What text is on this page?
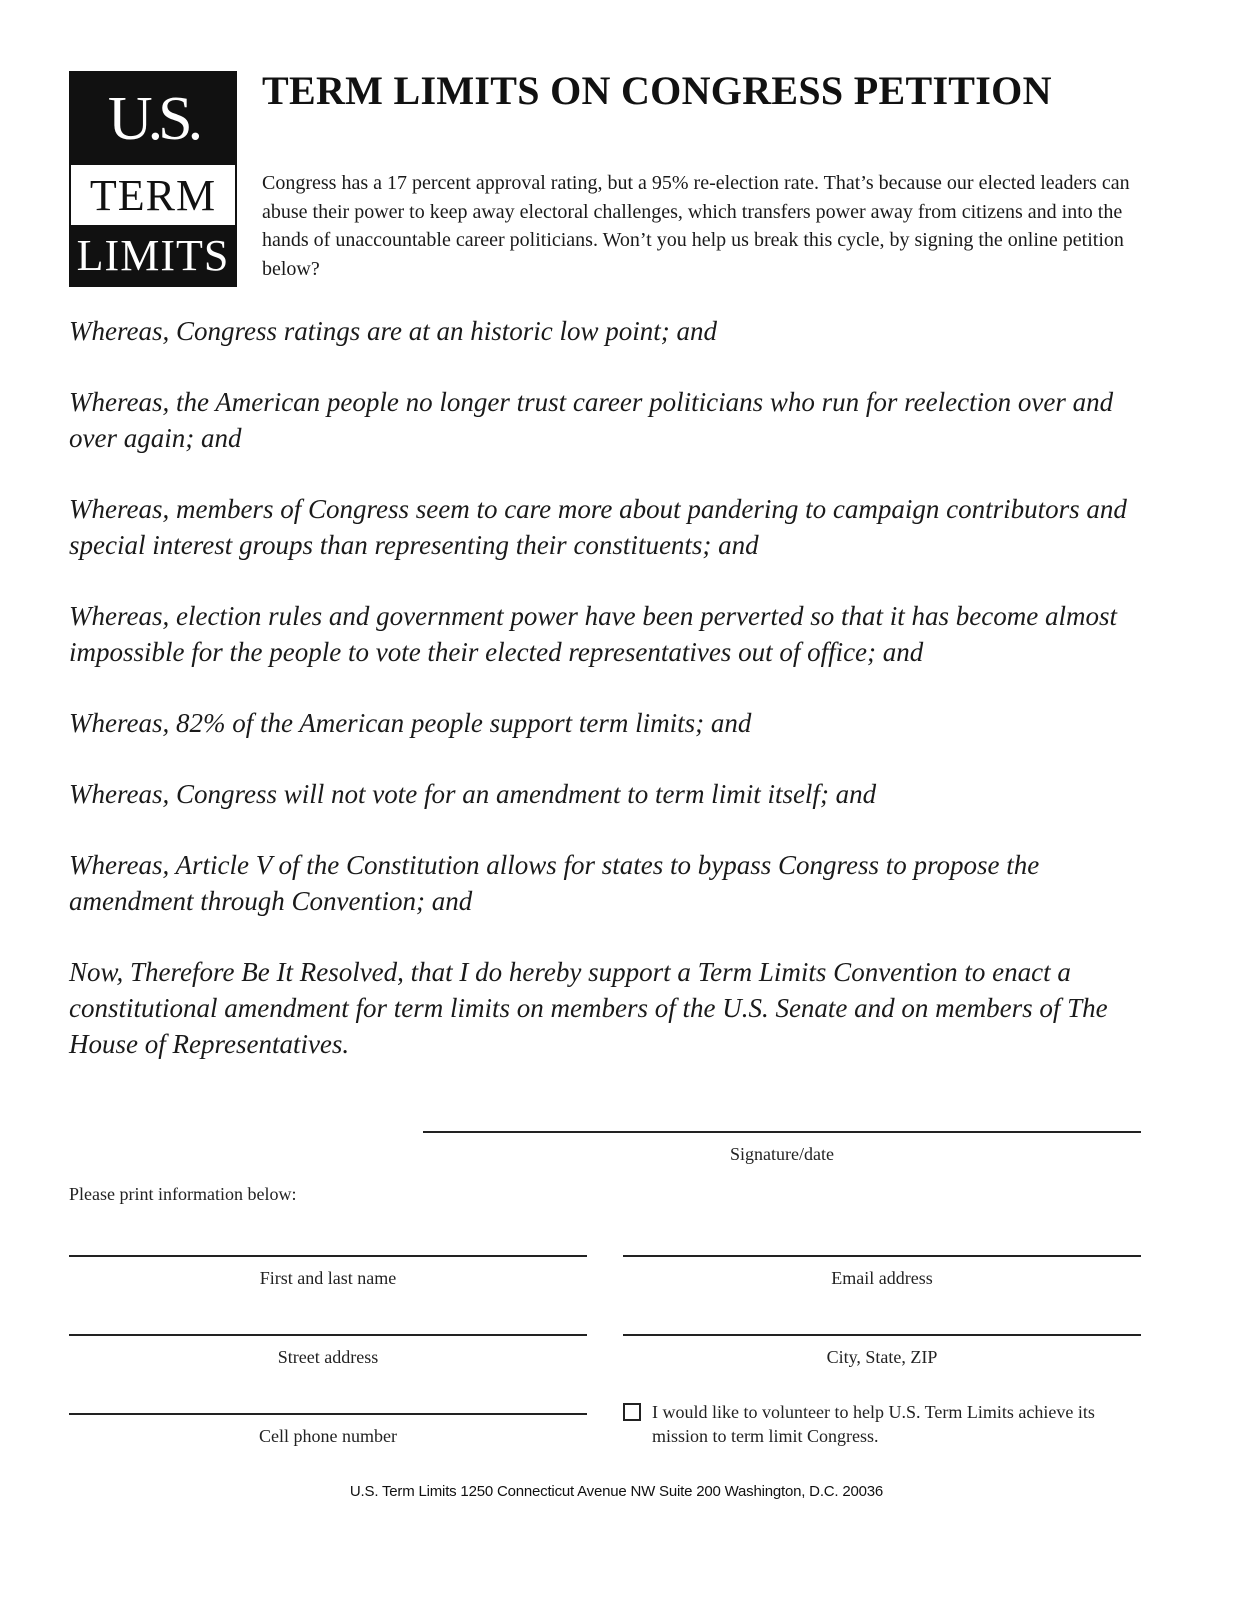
U.S.
TERM
LIMITS
TERM LIMITS ON CONGRESS PETITION

Congress has a 17 percent approval rating, but a 95% re-election rate. That’s because our elected leaders can abuse their power to keep away electoral challenges, which transfers power away from citizens and into the hands of unaccountable career politicians. Won’t you help us break this cycle, by signing the online petition below?

Whereas, Congress ratings are at an historic low point; and

Whereas, the American people no longer trust career politicians who run for reelection over and over again; and

Whereas, members of Congress seem to care more about pandering to campaign contributors and special interest groups than representing their constituents; and

Whereas, election rules and government power have been perverted so that it has become almost impossible for the people to vote their elected representatives out of office; and

Whereas, 82% of the American people support term limits; and

Whereas, Congress will not vote for an amendment to term limit itself; and

Whereas, Article V of the Constitution allows for states to bypass Congress to propose the amendment through Convention; and

Now, Therefore Be It Resolved, that I do hereby support a Term Limits Convention to enact a constitutional amendment for term limits on members of the U.S. Senate and on members of The House of Representatives.

Signature/date
Please print information below:
First and last name	Email address
Street address	City, State, ZIP
Cell phone number
I would like to volunteer to help U.S. Term Limits achieve its mission to term limit Congress.
U.S. Term Limits 1250 Connecticut Avenue NW Suite 200 Washington, D.C. 20036
